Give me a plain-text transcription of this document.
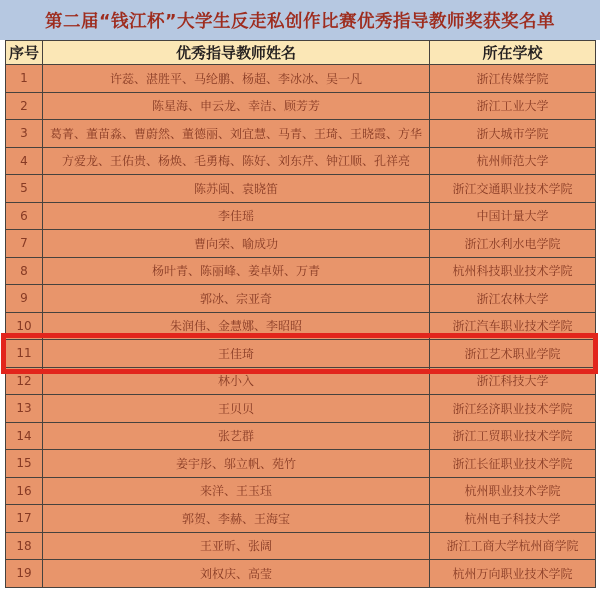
第二届“钱江杯”大学生反走私创作比赛优秀指导教师奖获奖名单
序号	优秀指导教师姓名	所在学校
1	许蕊、湛胜平、马纶鹏、杨超、李冰冰、吴一凡	浙江传媒学院
2	陈星海、申云龙、幸洁、顾芳芳	浙江工业大学
3	葛菁、董苗淼、曹蔚然、董德丽、刘宜慧、马青、王琦、王晓霞、方华	浙大城市学院
4	方爱龙、王佑贵、杨焕、毛勇梅、陈好、刘东芹、钟江顺、孔祥亮	杭州师范大学
5	陈苏闽、袁晓笛	浙江交通职业技术学院
6	李佳瑶	中国计量大学
7	曹向荣、喻成功	浙江水利水电学院
8	杨叶青、陈丽峰、姜卓妍、万青	杭州科技职业技术学院
9	郭冰、宗亚奇	浙江农林大学
10	朱润伟、金慧娜、李昭昭	浙江汽车职业技术学院
11	王佳琦	浙江艺术职业学院
12	林小入	浙江科技大学
13	王贝贝	浙江经济职业技术学院
14	张艺群	浙江工贸职业技术学院
15	姜宇彤、邬立帆、苑竹	浙江长征职业技术学院
16	来洋、王玉珏	杭州职业技术学院
17	郭贺、李赫、王海宝	杭州电子科技大学
18	王亚昕、张阔	浙江工商大学杭州商学院
19	刘权庆、高莹	杭州万向职业技术学院
